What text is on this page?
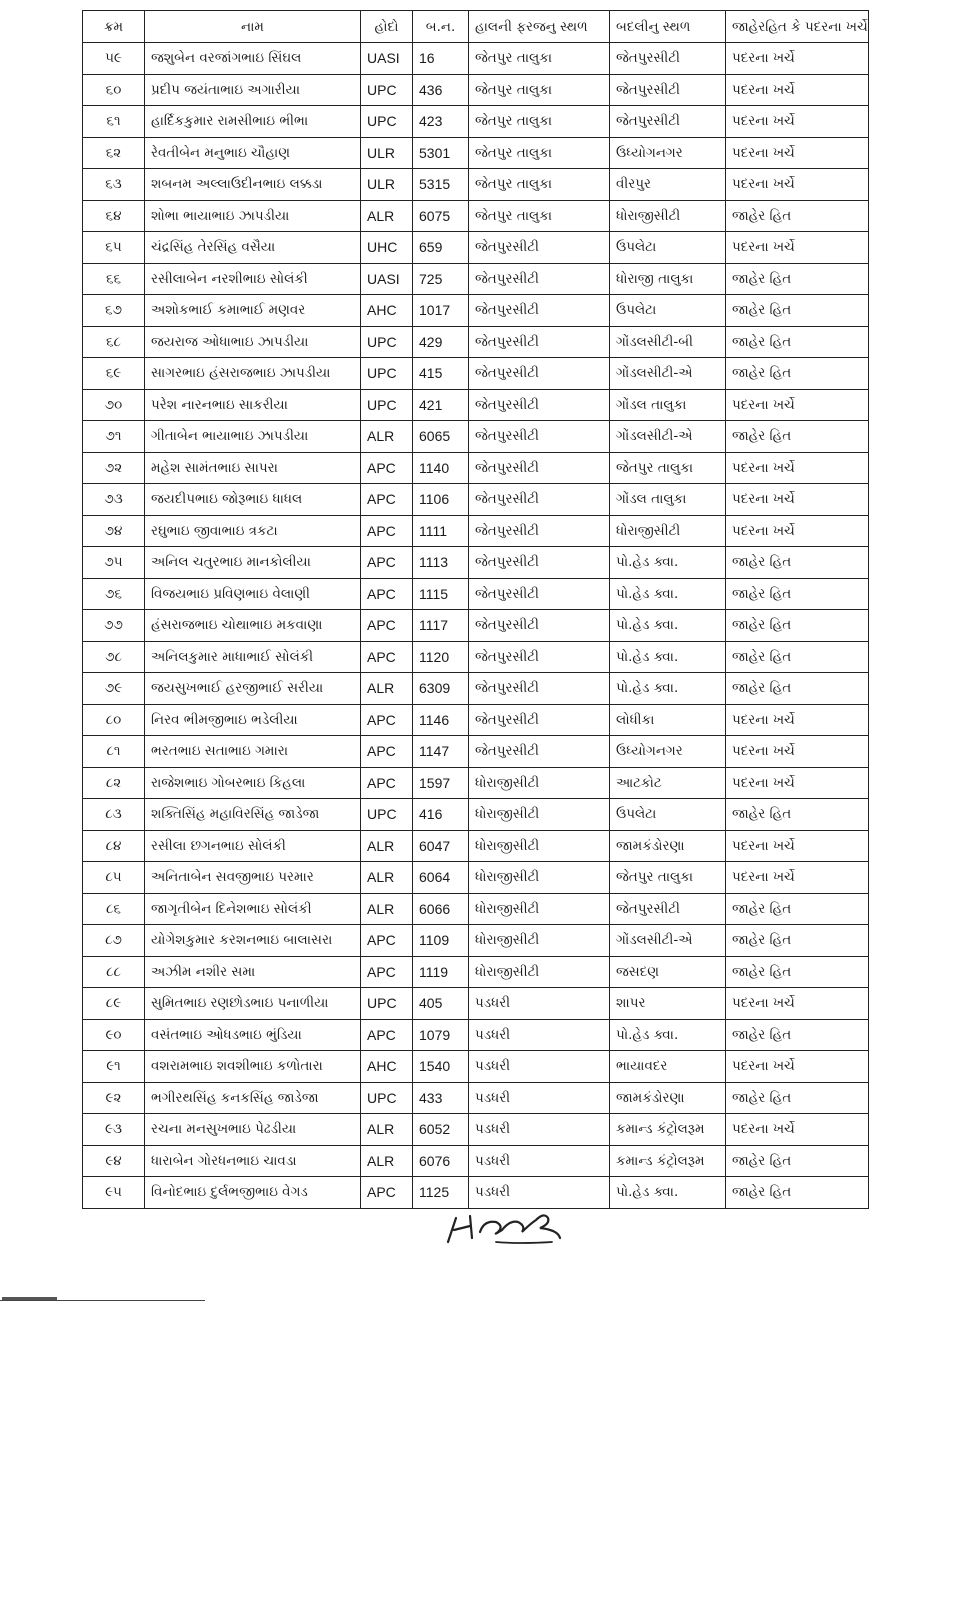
ક્રમ	નામ	હોદો	બ.ન.	હાલની ફરજનુ સ્થળ	બદલીનુ સ્થળ	જાહેરહિત કે પદરના ખર્ચે
૫૯	જશુબેન વરજાંગભાઇ સિંઘલ	UASI	16	જેતપુર તાલુકા	જેતપુરસીટી	પદરના ખર્ચે
૬૦	પ્રદીપ જયંતાભાઇ અગારીયા	UPC	436	જેતપુર તાલુકા	જેતપુરસીટી	પદરના ખર્ચે
૬૧	હાર્દિકકુમાર રામસીભાઇ ભીભા	UPC	423	જેતપુર તાલુકા	જેતપુરસીટી	પદરના ખર્ચે
૬૨	રેવતીબેન મનુભાઇ ચૌહાણ	ULR	5301	જેતપુર તાલુકા	ઉધ્યોગનગર	પદરના ખર્ચે
૬૩	શબનમ અલ્લાઉદીનભાઇ લક્કડા	ULR	5315	જેતપુર તાલુકા	વીરપુર	પદરના ખર્ચે
૬૪	શોભા ભાયાભાઇ ઝાપડીયા	ALR	6075	જેતપુર તાલુકા	ધોરાજીસીટી	જાહેર હિત
૬૫	ચંદ્રસિંહ તેરસિંહ વસૈયા	UHC	659	જેતપુરસીટી	ઉપલેટા	પદરના ખર્ચે
૬૬	રસીલાબેન નરશીભાઇ સોલંકી	UASI	725	જેતપુરસીટી	ધોરાજી તાલુકા	જાહેર હિત
૬૭	અશોકભાઈ કમાભાઈ મણવર	AHC	1017	જેતપુરસીટી	ઉપલેટા	જાહેર હિત
૬૮	જયરાજ ઓધાભાઇ ઝાપડીયા	UPC	429	જેતપુરસીટી	ગોંડલસીટી-બી	જાહેર હિત
૬૯	સાગરભાઇ હંસરાજભાઇ ઝાપડીયા	UPC	415	જેતપુરસીટી	ગોંડલસીટી-એ	જાહેર હિત
૭૦	પરેશ નારનભાઇ સાકરીયા	UPC	421	જેતપુરસીટી	ગોંડલ તાલુકા	પદરના ખર્ચે
૭૧	ગીતાબેન ભાયાભાઇ ઝાપડીયા	ALR	6065	જેતપુરસીટી	ગોંડલસીટી-એ	જાહેર હિત
૭૨	મહેશ સામંતભાઇ સાપરા	APC	1140	જેતપુરસીટી	જેતપુર તાલુકા	પદરના ખર્ચે
૭૩	જયદીપભાઇ જોરૂભાઇ ધાધલ	APC	1106	જેતપુરસીટી	ગોંડલ તાલુકા	પદરના ખર્ચે
૭૪	રઘુભાઇ જીવાભાઇ ત્રકટા	APC	1111	જેતપુરસીટી	ધોરાજીસીટી	પદરના ખર્ચે
૭૫	અનિલ ચતુરભાઇ માનકોલીયા	APC	1113	જેતપુરસીટી	પો.હેડ ક્વા.	જાહેર હિત
૭૬	વિજયભાઇ પ્રવિણભાઇ વેલાણી	APC	1115	જેતપુરસીટી	પો.હેડ ક્વા.	જાહેર હિત
૭૭	હંસરાજભાઇ ચોથાભાઇ મકવાણા	APC	1117	જેતપુરસીટી	પો.હેડ ક્વા.	જાહેર હિત
૭૮	અનિલકુમાર માધાભાઈ સોલંકી	APC	1120	જેતપુરસીટી	પો.હેડ ક્વા.	જાહેર હિત
૭૯	જયસુખભાઈ હરજીભાઈ સરીયા	ALR	6309	જેતપુરસીટી	પો.હેડ ક્વા.	જાહેર હિત
૮૦	નિરવ ભીમજીભાઇ ભડેલીયા	APC	1146	જેતપુરસીટી	લોધીકા	પદરના ખર્ચે
૮૧	ભરતભાઇ સતાભાઇ ગમારા	APC	1147	જેતપુરસીટી	ઉધ્યોગનગર	પદરના ખર્ચે
૮૨	રાજેશભાઇ ગોબરભાઇ કિહલા	APC	1597	ધોરાજીસીટી	આટકોટ	પદરના ખર્ચે
૮૩	શક્તિસિંહ મહાવિરસિંહ જાડેજા	UPC	416	ધોરાજીસીટી	ઉપલેટા	જાહેર હિત
૮૪	રસીલા છગનભાઇ સોલંકી	ALR	6047	ધોરાજીસીટી	જામકંડોરણા	પદરના ખર્ચે
૮૫	અનિતાબેન સવજીભાઇ પરમાર	ALR	6064	ધોરાજીસીટી	જેતપુર તાલુકા	પદરના ખર્ચે
૮૬	જાગૃતીબેન દિનેશભાઇ સોલંકી	ALR	6066	ધોરાજીસીટી	જેતપુરસીટી	જાહેર હિત
૮૭	યોગેશકુમાર કરશનભાઇ બાલાસરા	APC	1109	ધોરાજીસીટી	ગોંડલસીટી-એ	જાહેર હિત
૮૮	અઝીમ નશીર સમા	APC	1119	ધોરાજીસીટી	જસદણ	જાહેર હિત
૮૯	સુમિતભાઇ રણછોડભાઇ પનાળીયા	UPC	405	પડધરી	શાપર	પદરના ખર્ચે
૯૦	વસંતભાઇ ઓધડભાઇ ભુંડિયા	APC	1079	પડધરી	પો.હેડ ક્વા.	જાહેર હિત
૯૧	વશરામભાઇ શવશીભાઇ કળોતારા	AHC	1540	પડધરી	ભાયાવદર	પદરના ખર્ચે
૯૨	ભગીરથસિંહ કનકસિંહ જાડેજા	UPC	433	પડધરી	જામકંડોરણા	જાહેર હિત
૯૩	રચના મનસુખભાઇ પેઢડીયા	ALR	6052	પડધરી	કમાન્ડ કંટ્રોલરૂમ	પદરના ખર્ચે
૯૪	ધારાબેન ગોરધનભાઇ ચાવડા	ALR	6076	પડધરી	કમાન્ડ કંટ્રોલરૂમ	જાહેર હિત
૯૫	વિનોદભાઇ દુર્લભજીભાઇ વેગડ	APC	1125	પડધરી	પો.હેડ ક્વા.	જાહેર હિત
